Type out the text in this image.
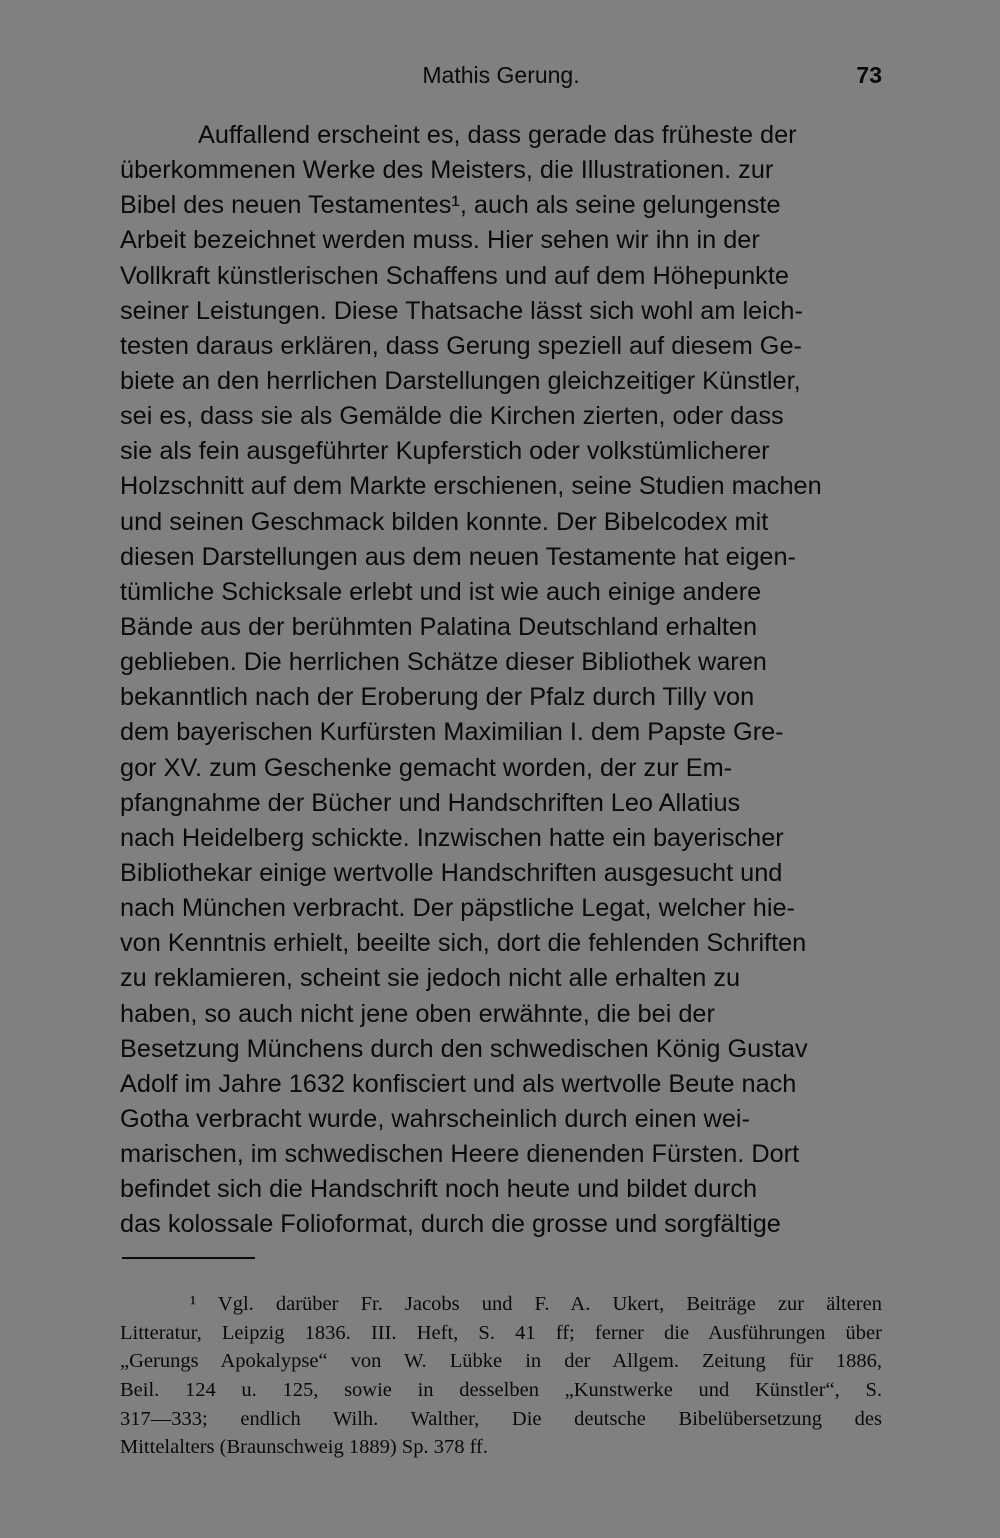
Mathis Gerung.	73
Auffallend erscheint es, dass gerade das früheste der
überkommenen Werke des Meisters, die Illustrationen. zur
Bibel des neuen Testamentes¹, auch als seine gelungenste
Arbeit bezeichnet werden muss. Hier sehen wir ihn in der
Vollkraft künstlerischen Schaffens und auf dem Höhepunkte
seiner Leistungen. Diese Thatsache lässt sich wohl am leich-
testen daraus erklären, dass Gerung speziell auf diesem Ge-
biete an den herrlichen Darstellungen gleichzeitiger Künstler,
sei es, dass sie als Gemälde die Kirchen zierten, oder dass
sie als fein ausgeführter Kupferstich oder volkstümlicherer
Holzschnitt auf dem Markte erschienen, seine Studien machen
und seinen Geschmack bilden konnte. Der Bibelcodex mit
diesen Darstellungen aus dem neuen Testamente hat eigen-
tümliche Schicksale erlebt und ist wie auch einige andere
Bände aus der berühmten Palatina Deutschland erhalten
geblieben. Die herrlichen Schätze dieser Bibliothek waren
bekanntlich nach der Eroberung der Pfalz durch Tilly von
dem bayerischen Kurfürsten Maximilian I. dem Papste Gre-
gor XV. zum Geschenke gemacht worden, der zur Em-
pfangnahme der Bücher und Handschriften Leo Allatius
nach Heidelberg schickte. Inzwischen hatte ein bayerischer
Bibliothekar einige wertvolle Handschriften ausgesucht und
nach München verbracht. Der päpstliche Legat, welcher hie-
von Kenntnis erhielt, beeilte sich, dort die fehlenden Schriften
zu reklamieren, scheint sie jedoch nicht alle erhalten zu
haben, so auch nicht jene oben erwähnte, die bei der
Besetzung Münchens durch den schwedischen König Gustav
Adolf im Jahre 1632 konfisciert und als wertvolle Beute nach
Gotha verbracht wurde, wahrscheinlich durch einen wei-
marischen, im schwedischen Heere dienenden Fürsten. Dort
befindet sich die Handschrift noch heute und bildet durch
das kolossale Folioformat, durch die grosse und sorgfältige
¹ Vgl. darüber Fr. Jacobs und F. A. Ukert, Beiträge zur älteren
Litteratur, Leipzig 1836. III. Heft, S. 41 ff; ferner die Ausführungen über
„Gerungs Apokalypse“ von W. Lübke in der Allgem. Zeitung für 1886,
Beil. 124 u. 125, sowie in desselben „Kunstwerke und Künstler“, S.
317—333; endlich Wilh. Walther, Die deutsche Bibelübersetzung des
Mittelalters (Braunschweig 1889) Sp. 378 ff.
